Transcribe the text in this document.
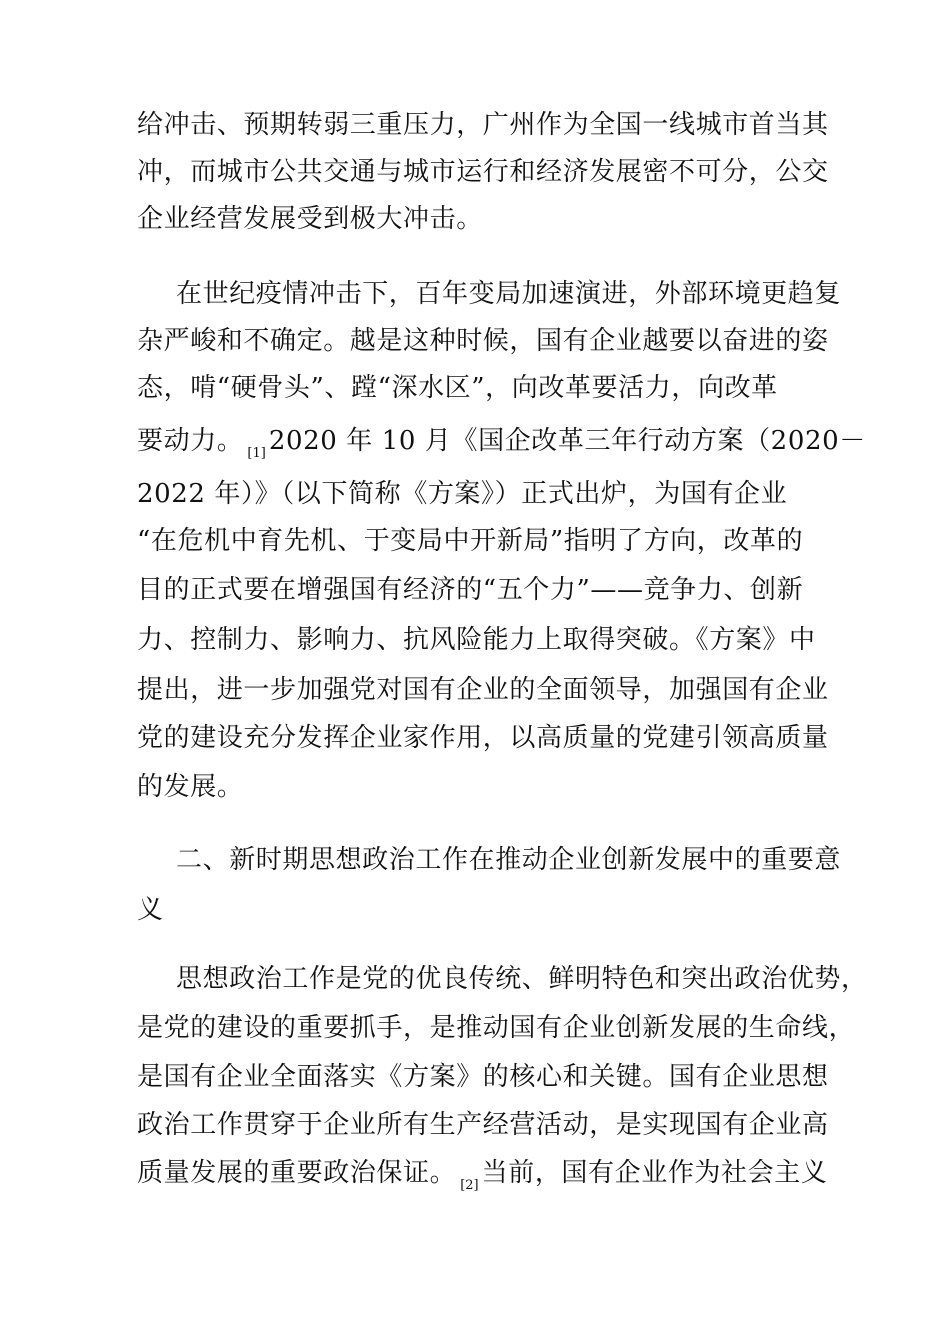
给冲击、预期转弱三重压力，广州作为全国一线城市首当其
冲，而城市公共交通与城市运行和经济发展密不可分，公交
企业经营发展受到极大冲击。
在世纪疫情冲击下，百年变局加速演进，外部环境更趋复
杂严峻和不确定。越是这种时候，国有企业越要以奋进的姿
态，啃“硬骨头”、蹚“深水区”，向改革要活力，向改革
要动力。 $_{[1]}$ 2020 年 10 月《国企改革三年行动方案（2020－
2022 年）》（以下简称《方案》）正式出炉，为国有企业
“在危机中育先机、于变局中开新局”指明了方向，改革的
目的正式要在增强国有经济的“五个力”——竞争力、创新
力、控制力、影响力、抗风险能力上取得突破。《方案》中
提出，进一步加强党对国有企业的全面领导，加强国有企业
党的建设充分发挥企业家作用，以高质量的党建引领高质量
的发展。
二、新时期思想政治工作在推动企业创新发展中的重要意
义
思想政治工作是党的优良传统、鲜明特色和突出政治优势，
是党的建设的重要抓手，是推动国有企业创新发展的生命线，
是国有企业全面落实《方案》的核心和关键。国有企业思想
政治工作贯穿于企业所有生产经营活动，是实现国有企业高
质量发展的重要政治保证。 $_{[2]}$ 当前，国有企业作为社会主义
